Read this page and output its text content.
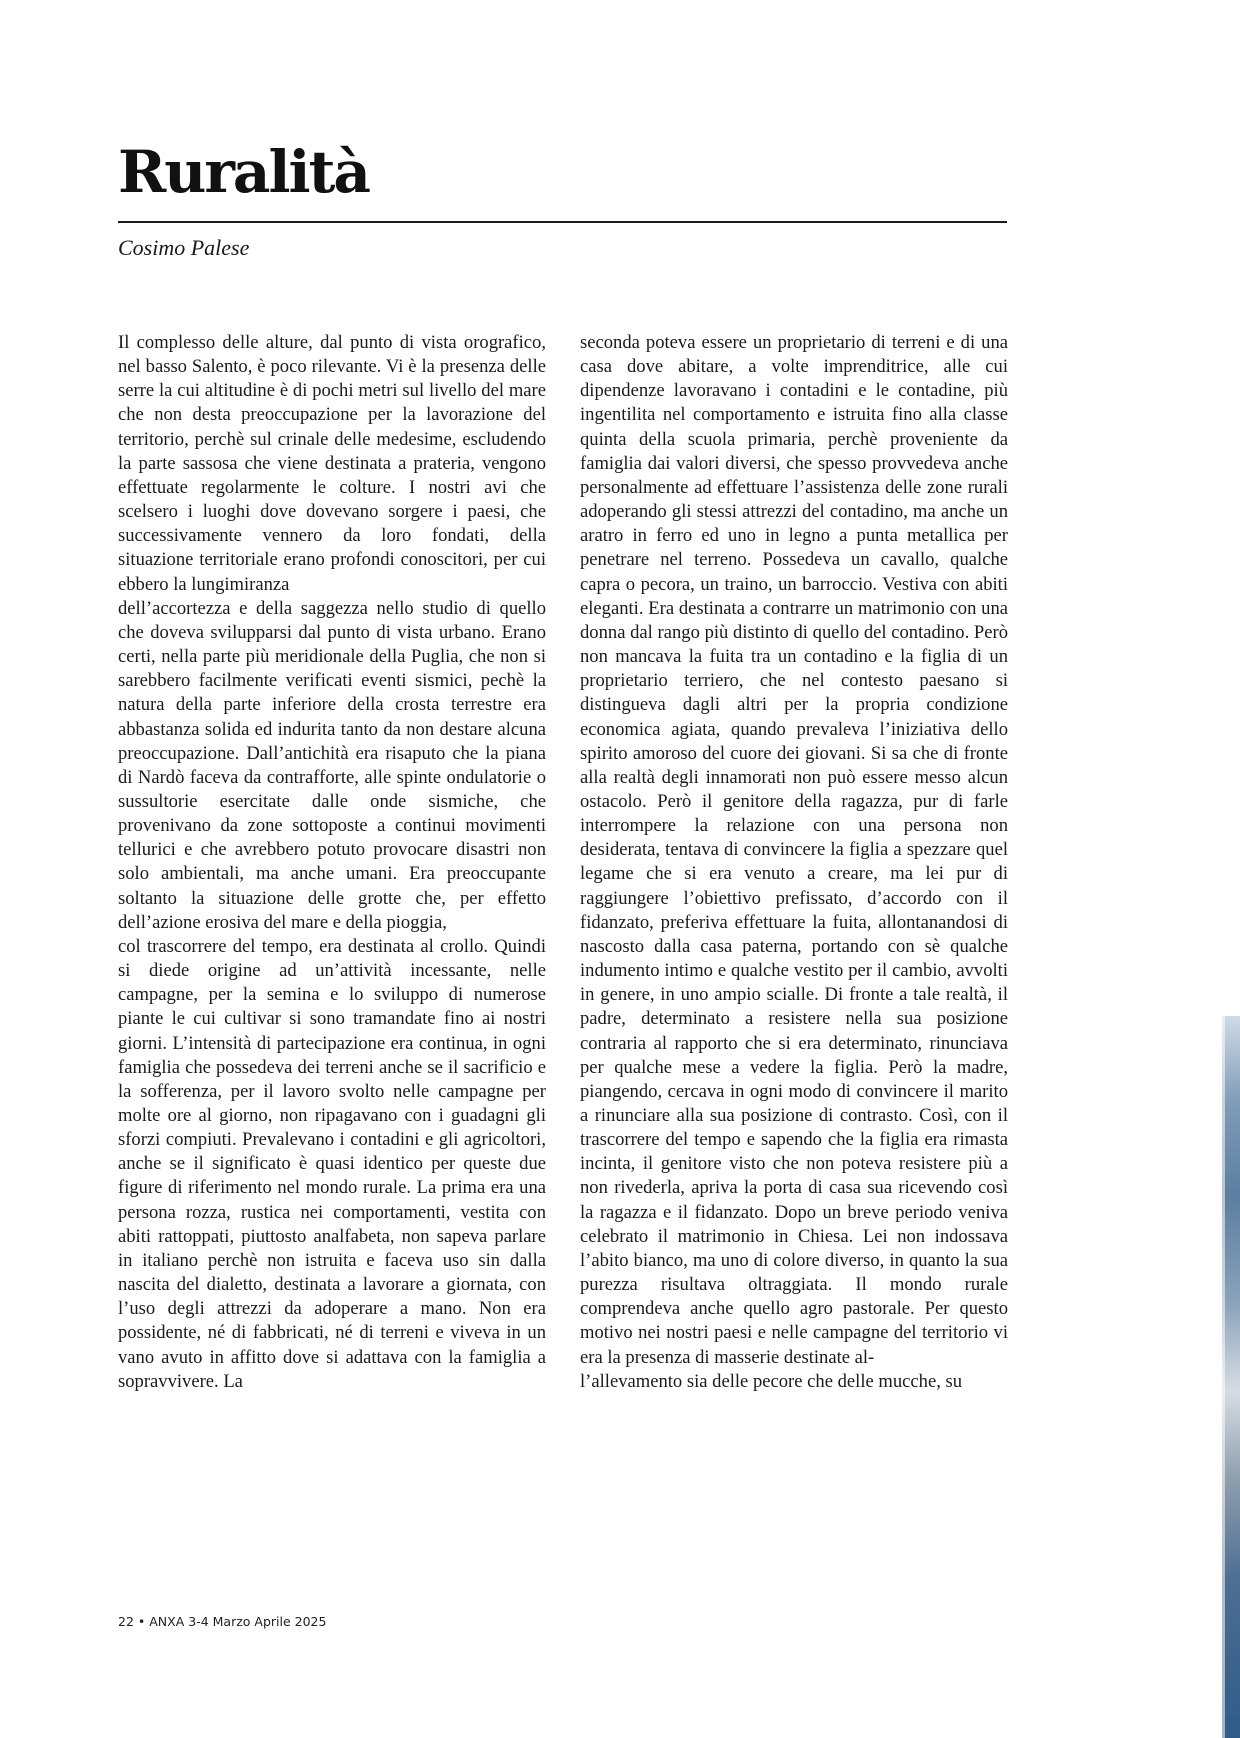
Ruralità
Cosimo Palese

Il complesso delle alture, dal punto di vista orografico, nel basso Salento, è poco rilevante. Vi è la presenza delle serre la cui altitudine è di pochi metri sul livello del mare che non desta preoccupazione per la lavorazione del territorio, perchè sul crinale delle medesime, escludendo la parte sassosa che viene destinata a prateria, vengono effettuate regolarmente le colture. I nostri avi che scelsero i luoghi dove dovevano sorgere i paesi, che successivamente vennero da loro fondati, della situazione territoriale erano profondi conoscitori, per cui ebbero la lungimiranza

dell’accortezza e della saggezza nello studio di quello che doveva svilupparsi dal punto di vista urbano. Erano certi, nella parte più meridionale della Puglia, che non si sarebbero facilmente verificati eventi sismici, pechè la natura della parte inferiore della crosta terrestre era abbastanza solida ed indurita tanto da non destare alcuna preoccupazione. Dall’antichità era risaputo che la piana di Nardò faceva da contrafforte, alle spinte ondulatorie o sussultorie esercitate dalle onde sismiche, che provenivano da zone sottoposte a continui movimenti tellurici e che avrebbero potuto provocare disastri non solo ambientali, ma anche umani. Era preoccupante soltanto la situazione delle grotte che, per effetto dell’azione erosiva del mare e della pioggia,

col trascorrere del tempo, era destinata al crollo. Quindi si diede origine ad un’attività incessante, nelle campagne, per la semina e lo sviluppo di numerose piante le cui cultivar si sono tramandate fino ai nostri giorni. L’intensità di partecipazione era continua, in ogni famiglia che possedeva dei terreni anche se il sacrificio e la sofferenza, per il lavoro svolto nelle campagne per molte ore al giorno, non ripagavano con i guadagni gli sforzi compiuti. Prevalevano i contadini e gli agricoltori, anche se il significato è quasi identico per queste due figure di riferimento nel mondo rurale. La prima era una persona rozza, rustica nei comportamenti, vestita con abiti rattoppati, piuttosto analfabeta, non sapeva parlare in italiano perchè non istruita e faceva uso sin dalla nascita del dialetto, destinata a lavorare a giornata, con l’uso degli attrezzi da adoperare a mano. Non era possidente, né di fabbricati, né di terreni e viveva in un vano avuto in affitto dove si adattava con la famiglia a sopravvivere. La

seconda poteva essere un proprietario di terreni e di una casa dove abitare, a volte imprenditrice, alle cui dipendenze lavoravano i contadini e le contadine, più ingentilita nel comportamento e istruita fino alla classe quinta della scuola primaria, perchè proveniente da famiglia dai valori diversi, che spesso provvedeva anche personalmente ad effettuare l’assistenza delle zone rurali adoperando gli stessi attrezzi del contadino, ma anche un aratro in ferro ed uno in legno a punta metallica per penetrare nel terreno. Possedeva un cavallo, qualche capra o pecora, un traino, un barroccio. Vestiva con abiti eleganti. Era destinata a contrarre un matrimonio con una donna dal rango più distinto di quello del contadino. Però non mancava la fuita tra un contadino e la figlia di un proprietario terriero, che nel contesto paesano si distingueva dagli altri per la propria condizione economica agiata, quando prevaleva l’iniziativa dello spirito amoroso del cuore dei giovani. Si sa che di fronte alla realtà degli innamorati non può essere messo alcun ostacolo. Però il genitore della ragazza, pur di farle interrompere la relazione con una persona non desiderata, tentava di convincere la figlia a spezzare quel legame che si era venuto a creare, ma lei pur di raggiungere l’obiettivo prefissato, d’accordo con il fidanzato, preferiva effettuare la fuita, allontanandosi di nascosto dalla casa paterna, portando con sè qualche indumento intimo e qualche vestito per il cambio, avvolti in genere, in uno ampio scialle. Di fronte a tale realtà, il padre, determinato a resistere nella sua posizione contraria al rapporto che si era determinato, rinunciava per qualche mese a vedere la figlia. Però la madre, piangendo, cercava in ogni modo di convincere il marito a rinunciare alla sua posizione di contrasto. Così, con il trascorrere del tempo e sapendo che la figlia era rimasta incinta, il genitore visto che non poteva resistere più a non rivederla, apriva la porta di casa sua ricevendo così la ragazza e il fidanzato. Dopo un breve periodo veniva celebrato il matrimonio in Chiesa. Lei non indossava l’abito bianco, ma uno di colore diverso, in quanto la sua purezza risultava oltraggiata. Il mondo rurale comprendeva anche quello agro pastorale. Per questo motivo nei nostri paesi e nelle campagne del territorio vi era la presenza di masserie destinate al-

l’allevamento sia delle pecore che delle mucche, su

22 • ANXA 3-4 Marzo Aprile 2025
